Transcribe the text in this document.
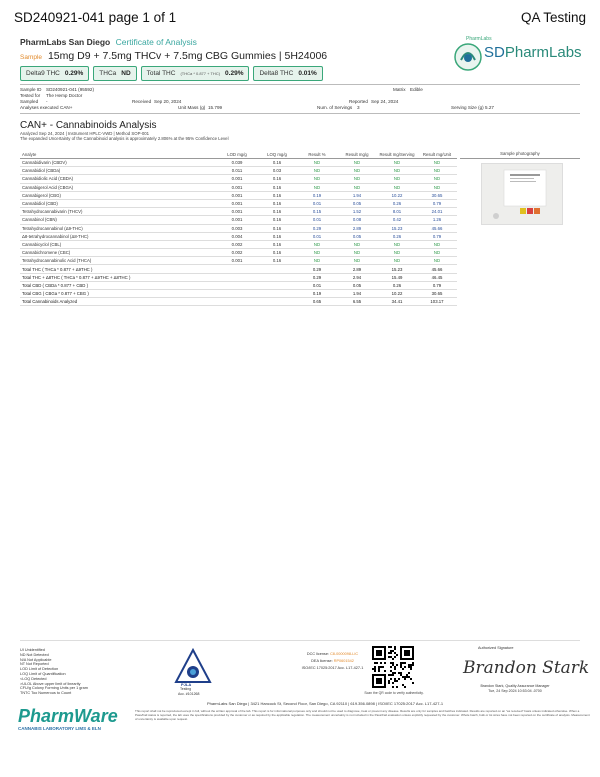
SD240921-041 page 1 of 1	QA Testing
PharmLabs San Diego Certificate of Analysis
Sample 15mg D9 + 7.5mg THCv + 7.5mg CBG Gummies | 5H24006
Delta9 THC 0.29% THCa ND Total THC (THCa * 0.877 + THC) 0.29% Delta8 THC 0.01%
PharmLabs
SDPharmLabs
Sample ID SD240921-041 (95592)
Tested for The Hemp Doctor
Sampled -	Received Sep 20, 2024
Analyses executedCAN+	Unit Mass (g) 15.799
Matrix Edible
Reported Sep 24, 2024
Num. of Servings 3	Serving Size (g)5.27
CAN+ - Cannabinoids Analysis
Analyzed Sep 24, 2024 | Instrument HPLC-VWD | Method SOP-001
The expanded Uncertainty of the Cannabinoid analysis is approximately 2.806% at the 95% Confidence Level
Analyte	LOD mg/g	LOQ mg/g	Result %	Result mg/g	Result mg/Serving	Result mg/Unit
Cannabidivarin (CBDV)	0.039	0.16	ND	ND	ND	ND
Cannabidiol (CBDa)	0.011	0.03	ND	ND	ND	ND
Cannabidiolic Acid (CBDA)	0.001	0.16	ND	ND	ND	ND
Cannabigerol Acid (CBGA)	0.001	0.16	ND	ND	ND	ND
Cannabigerol (CBG)	0.001	0.16	0.19	1.94	10.22	30.65
Cannabidiol (CBD)	0.001	0.16	0.01	0.05	0.26	0.79
Tetrahydrocannabivarin (THCV)	0.001	0.16	0.15	1.52	8.01	24.01
Cannabinol (CBN)	0.001	0.16	0.01	0.08	0.42	1.26
Tetrahydrocannabinol (Δ9-THC)	0.003	0.16	0.29	2.89	15.23	45.66
Δ8-tetrahydrocannabinol (Δ8-THC)	0.004	0.16	0.01	0.05	0.26	0.79
Cannabicyclol (CBL)	0.002	0.16	ND	ND	ND	ND
Cannabichromene (CBC)	0.002	0.16	ND	ND	ND	ND
Tetrahydrocannabinolic Acid (THCA)	0.001	0.16	ND	ND	ND	ND
Total THC ( THCa * 0.877 + Δ9THC )			0.29	2.89	15.23	45.66
Total THC + Δ8THC ( THCa * 0.877 + Δ9THC + Δ8THC )			0.29	2.94	15.49	46.45
Total CBD ( CBDa * 0.877 + CBD )			0.01	0.05	0.26	0.79
Total CBG ( CBGa * 0.877 + CBG )			0.19	1.94	10.22	30.65
Total Cannabinoids Analyzed			0.65	6.55	34.41	103.17
Sample photography
UI Unidentified
ND Not Detected
N/A Not Applicable
NT Not Reported
LOD Limit of Detection
LOQ Limit of Quantification
<LOQ Detected
>ULOL Above upper limit of linearity
CFU/g Colony Forming Units per 1 gram
TNTC Too Numerous to Count
PJLA
Testing
Acc. #101268
DCC license: C8-0000098-LIC
DEA license: RP0601542
ISO/IEC 17025:2017 Acc. L17-427-1
Scan the QR code to verify authenticity.
Authorized Signature
Brandon Stark
Brandon Stark, Quality Assurance Manager
Tue, 24 Sep 2024 10:53:04 -0700
PharmWare
CANNABIS LABORATORY LIMS & ELN
PharmLabs San Diego | 3421 Hancock St, Second Floor, San Diego, CA 92110 | 619.356.0898 | ISO/IEC 17025:2017 Acc. L17-427-1
This report shall not be reproduced except in full, without the written approval of the lab. This report is for informational purposes only and should not be used to diagnose, treat or prevent any disease. Results are only for samples and batches indicated. Results are reported on an "as received" basis unless indicated otherwise. When a Pass/Fail status is reported, the lab uses the specifications provided by the customer or as required by the applicable regulation. The measurement uncertainty is not included in the Pass/Fail evaluation unless explicitly requested by the customer. Whole batch, bulk or lot sizes have not been reported on the certificate of analysis. Measurement of uncertainty is available upon request.
